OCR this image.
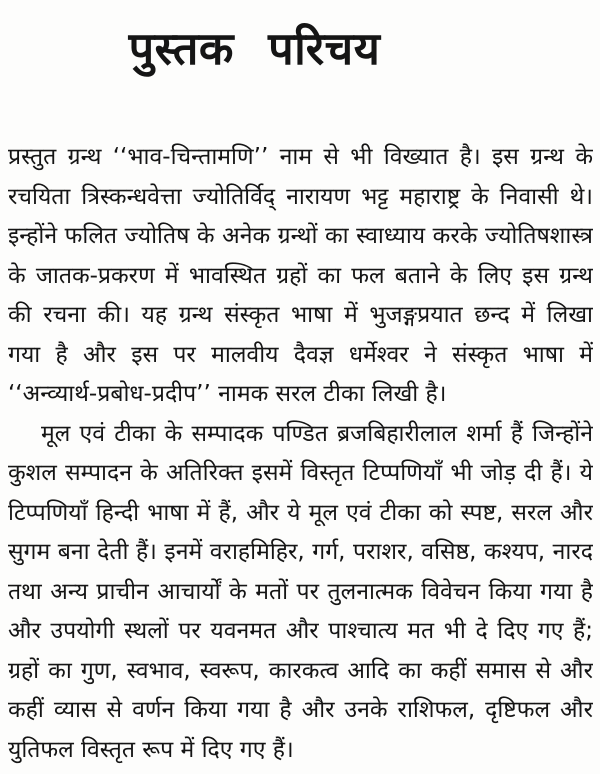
पुस्तक परिचय
प्रस्तुत ग्रन्थ ‘‘भाव-चिन्तामणि’’ नाम से भी विख्यात है। इस ग्रन्थ के
रचयिता त्रिस्कन्धवेत्ता ज्योतिर्विद् नारायण भट्ट महाराष्ट्र के निवासी थे।
इन्होंने फलित ज्योतिष के अनेक ग्रन्थों का स्वाध्याय करके ज्योतिषशास्त्र
के जातक-प्रकरण में भावस्थित ग्रहों का फल बताने के लिए इस ग्रन्थ
की रचना की। यह ग्रन्थ संस्कृत भाषा में भुजङ्गप्रयात छन्द में लिखा
गया है और इस पर मालवीय दैवज्ञ धर्मेश्वर ने संस्कृत भाषा में
‘‘अन्व्यार्थ-प्रबोध-प्रदीप’’ नामक सरल टीका लिखी है।
मूल एवं टीका के सम्पादक पण्डित ब्रजबिहारीलाल शर्मा हैं जिन्होंने
कुशल सम्पादन के अतिरिक्त इसमें विस्तृत टिप्पणियाँ भी जोड़ दी हैं। ये
टिप्पणियाँ हिन्दी भाषा में हैं, और ये मूल एवं टीका को स्पष्ट, सरल और
सुगम बना देती हैं। इनमें वराहमिहिर, गर्ग, पराशर, वसिष्ठ, कश्यप, नारद
तथा अन्य प्राचीन आचार्यों के मतों पर तुलनात्मक विवेचन किया गया है
और उपयोगी स्थलों पर यवनमत और पाश्चात्य मत भी दे दिए गए हैं;
ग्रहों का गुण, स्वभाव, स्वरूप, कारकत्व आदि का कहीं समास से और
कहीं व्यास से वर्णन किया गया है और उनके राशिफल, दृष्टिफल और
युतिफल विस्तृत रूप में दिए गए हैं।
